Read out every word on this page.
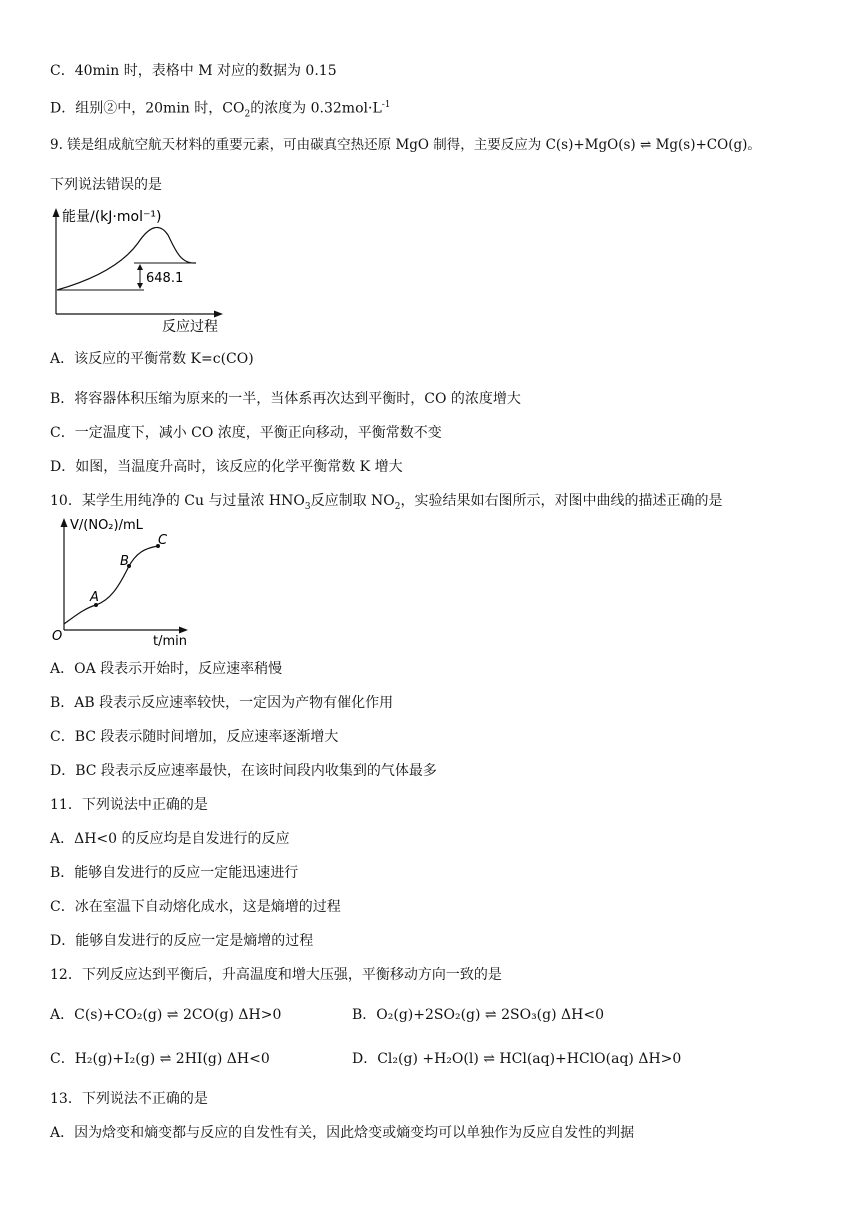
C．40min 时，表格中 M 对应的数据为 0.15
D．组别②中，20min 时，$CO_2$的浓度为 $0.32mol\cdot L^{-1}$
9. 镁是组成航空航天材料的重要元素，可由碳真空热还原 MgO 制得，主要反应为 C(s)+MgO(s) ⇌ Mg(s)+CO(g)。
下列说法错误的是
648.1
能量/(kJ·mol⁻¹)
反应过程
A．该反应的平衡常数 K=c(CO)
B．将容器体积压缩为原来的一半，当体系再次达到平衡时，CO 的浓度增大
C．一定温度下，减小 CO 浓度，平衡正向移动，平衡常数不变
D．如图，当温度升高时，该反应的化学平衡常数 K 增大
10．某学生用纯净的 Cu 与过量浓 $HNO_3$反应制取 $NO_2$，实验结果如右图所示，对图中曲线的描述正确的是
A
B
C
O
V/(NO₂)/mL
t/min
A．OA 段表示开始时，反应速率稍慢
B．AB 段表示反应速率较快，一定因为产物有催化作用
C．BC 段表示随时间增加，反应速率逐渐增大
D．BC 段表示反应速率最快，在该时间段内收集到的气体最多
11．下列说法中正确的是
A．ΔH<0 的反应均是自发进行的反应
B．能够自发进行的反应一定能迅速进行
C．冰在室温下自动熔化成水，这是熵增的过程
D．能够自发进行的反应一定是熵增的过程
12．下列反应达到平衡后，升高温度和增大压强，平衡移动方向一致的是
A．C(s)+CO₂(g) ⇌ 2CO(g) ΔH>0	B．O₂(g)+2SO₂(g) ⇌ 2SO₃(g) ΔH<0
C．H₂(g)+I₂(g) ⇌ 2HI(g) ΔH<0	D．Cl₂(g) +H₂O(l) ⇌ HCl(aq)+HClO(aq) ΔH>0
13．下列说法不正确的是
A．因为焓变和熵变都与反应的自发性有关，因此焓变或熵变均可以单独作为反应自发性的判据
